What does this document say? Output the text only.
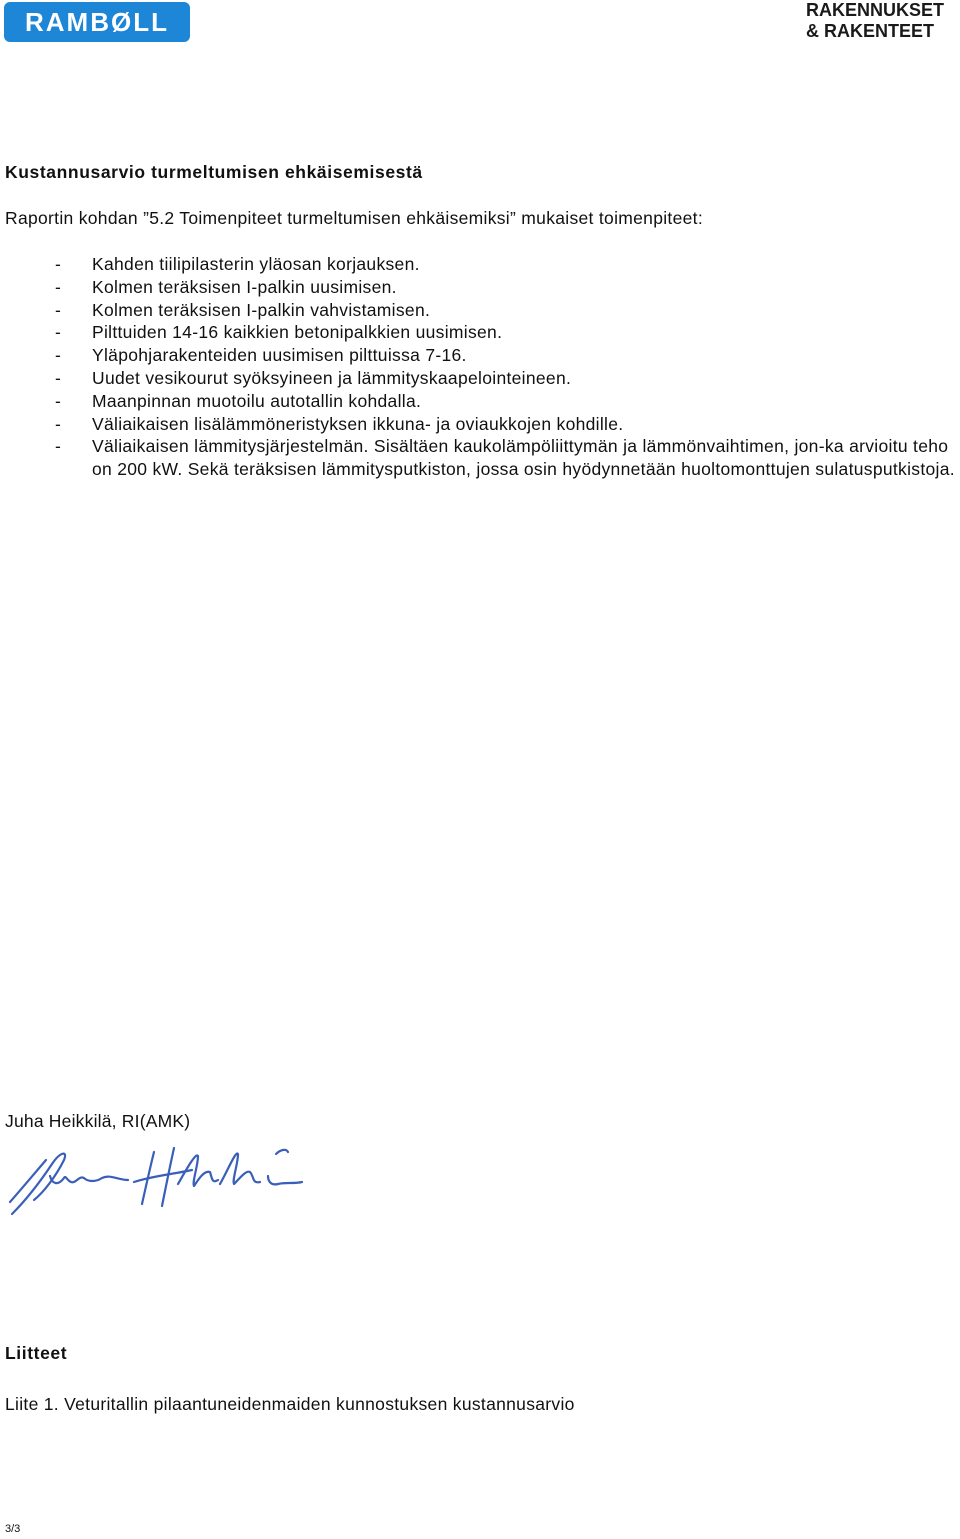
RAMBØLL	RAKENNUKSET
& RAKENTEET
Kustannusarvio turmeltumisen ehkäisemisestä

Raportin kohdan ”5.2 Toimenpiteet turmeltumisen ehkäisemiksi” mukaiset toimenpiteet:

-	Kahden tiilipilasterin yläosan korjauksen.
-	Kolmen teräksisen I-palkin uusimisen.
-	Kolmen teräksisen I-palkin vahvistamisen.
-	Pilttuiden 14-16 kaikkien betonipalkkien uusimisen.
-	Yläpohjarakenteiden uusimisen pilttuissa 7-16.
-	Uudet vesikourut syöksyineen ja lämmityskaapelointeineen.
-	Maanpinnan muotoilu autotallin kohdalla.
-	Väliaikaisen lisälämmöneristyksen ikkuna- ja oviaukkojen kohdille.
-	Väliaikaisen lämmitysjärjestelmän. Sisältäen kaukolämpöliittymän ja lämmönvaihtimen, jon-ka arvioitu teho on 200 kW. Sekä teräksisen lämmitysputkiston, jossa osin hyödynnetään huoltomonttujen sulatusputkistoja.

Juha Heikkilä, RI(AMK)

Liitteet

Liite 1. Veturitallin pilaantuneidenmaiden kunnostuksen kustannusarvio

3/3
